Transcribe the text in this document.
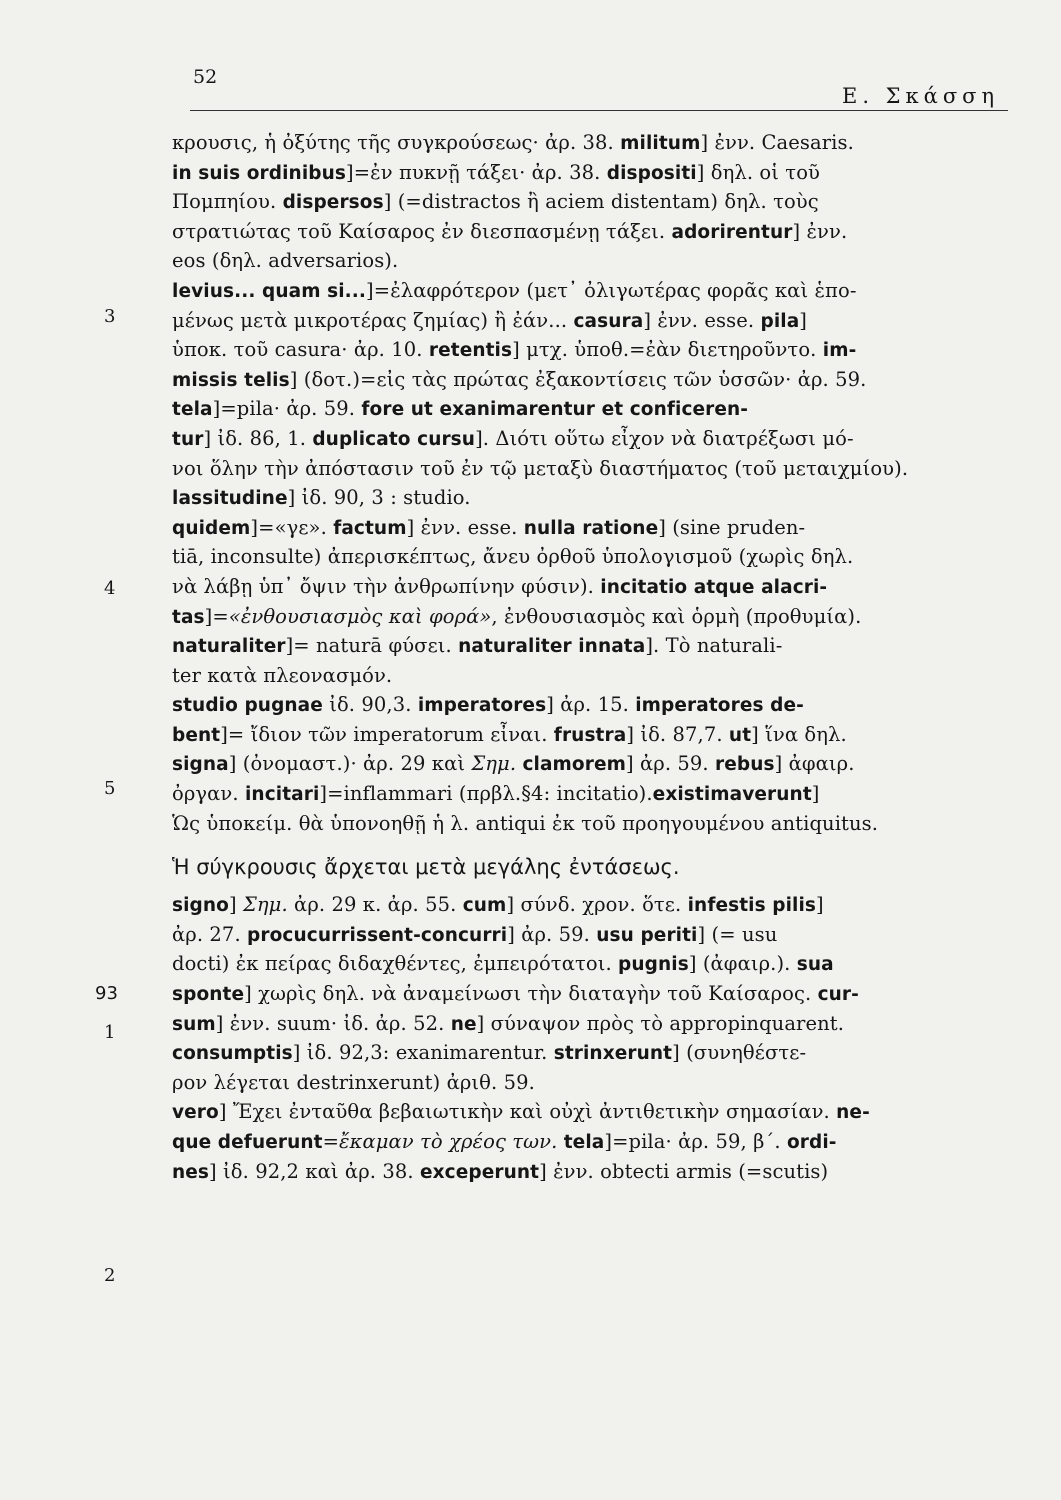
52
Ε. Σκάσση
3
4
5
93
1
2
κρουσις, ἡ ὀξύτης τῆς συγκρούσεως· ἀρ. 38. militum] ἐνν. Caesaris.
in suis ordinibus]=ἐν πυκνῇ τάξει· ἀρ. 38. dispositi] δηλ. οἱ τοῦ
Πομπηίου. dispersos] (=distractos ἢ aciem distentam) δηλ. τοὺς
στρατιώτας τοῦ Καίσαρος ἐν διεσπασμένῃ τάξει. adorirentur] ἐνν.
eos (δηλ. adversarios).
levius... quam si...]=ἐλαφρότερον (μετ᾽ ὀλιγωτέρας φορᾶς καὶ ἑπο-
μένως μετὰ μικροτέρας ζημίας) ἢ ἐάν... casura] ἐνν. esse. pila]
ὑποκ. τοῦ casura· ἀρ. 10. retentis] μτχ. ὑποθ.=ἐὰν διετηροῦντο. im-
missis telis] (δοτ.)=εἰς τὰς πρώτας ἐξακοντίσεις τῶν ὑσσῶν· ἀρ. 59.
tela]=pila· ἀρ. 59. fore ut exanimarentur et conficeren-
tur] ἰδ. 86, 1. duplicato cursu]. Διότι οὕτω εἶχον νὰ διατρέξωσι μό-
νοι ὅλην τὴν ἀπόστασιν τοῦ ἐν τῷ μεταξὺ διαστήματος (τοῦ μεταιχμίου).
lassitudine] ἰδ. 90, 3 : studio.
quidem]=«γε». factum] ἐνν. esse. nulla ratione] (sine pruden-
tiā, inconsulte) ἀπερισκέπτως, ἄνευ ὀρθοῦ ὑπολογισμοῦ (χωρὶς δηλ.
νὰ λάβῃ ὑπ᾽ ὄψιν τὴν ἀνθρωπίνην φύσιν). incitatio atque alacri-
tas]=«ἐνθουσιασμὸς καὶ φορά», ἐνθουσιασμὸς καὶ ὁρμὴ (προθυμία).
naturaliter]= naturā φύσει. naturaliter innata]. Τὸ naturali-
ter κατὰ πλεονασμόν.
studio pugnae ἰδ. 90,3. imperatores] ἀρ. 15. imperatores de-
bent]= ἴδιον τῶν imperatorum εἶναι. frustra] ἰδ. 87,7. ut] ἵνα δηλ.
signa] (ὀνομαστ.)· ἀρ. 29 καὶ Σημ. clamorem] ἀρ. 59. rebus] ἀφαιρ.
ὀργαν. incitari]=inflammari (πρβλ.§4: incitatio).existimaverunt]
Ὡς ὑποκείμ. θὰ ὑπονοηθῇ ἡ λ. antiqui ἐκ τοῦ προηγουμένου antiquitus.
Ἡ σύγκρουσις ἄρχεται μετὰ μεγάλης ἐντάσεως.
signo] Σημ. ἀρ. 29 κ. ἀρ. 55. cum] σύνδ. χρον. ὅτε. infestis pilis]
ἀρ. 27. procucurrissent-concurri] ἀρ. 59. usu periti] (= usu
docti) ἐκ πείρας διδαχθέντες, ἐμπειρότατοι. pugnis] (ἀφαιρ.). sua
sponte] χωρὶς δηλ. νὰ ἀναμείνωσι τὴν διαταγὴν τοῦ Καίσαρος. cur-
sum] ἐνν. suum· ἰδ. ἀρ. 52. ne] σύναψον πρὸς τὸ appropinquarent.
consumptis] ἰδ. 92,3: exanimarentur. strinxerunt] (συνηθέστε-
ρον λέγεται destrinxerunt) ἀριθ. 59.
vero] Ἔχει ἐνταῦθα βεβαιωτικὴν καὶ οὐχὶ ἀντιθετικὴν σημασίαν. ne-
que defuerunt=ἔκαμαν τὸ χρέος των. tela]=pila· ἀρ. 59, β΄. ordi-
nes] ἰδ. 92,2 καὶ ἀρ. 38. exceperunt] ἐνν. obtecti armis (=scutis)
